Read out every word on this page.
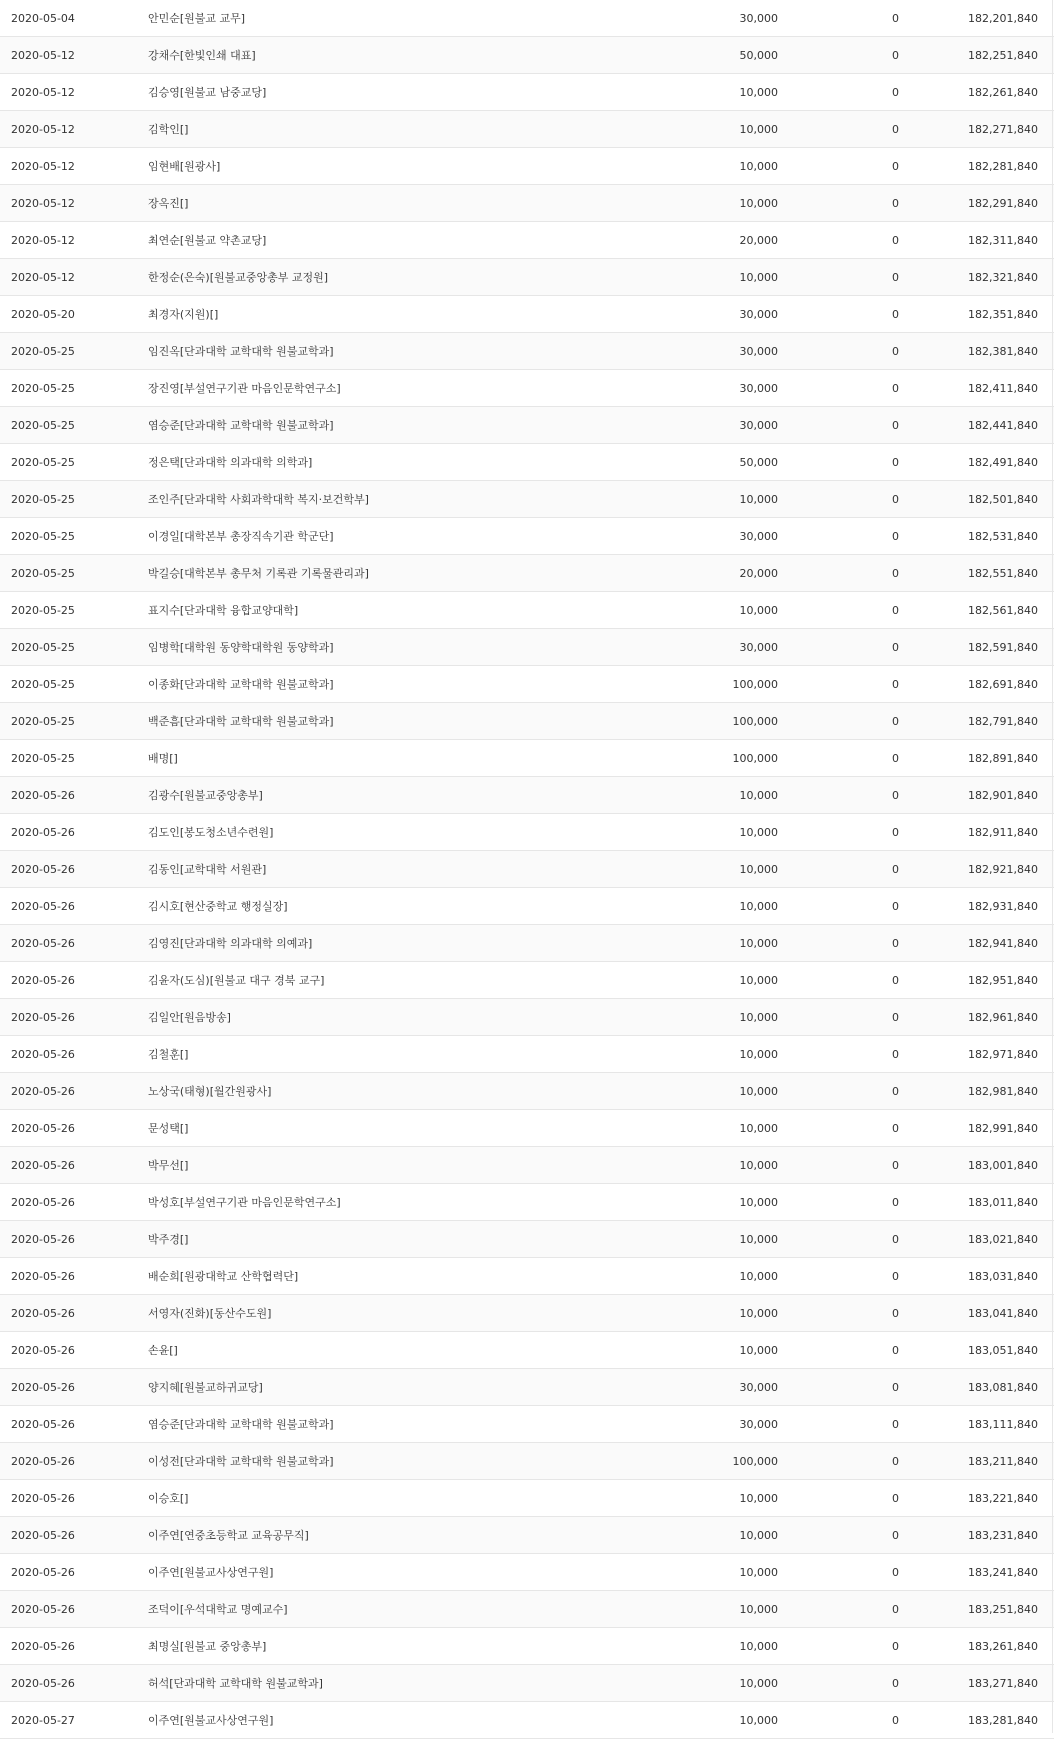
2020-05-04	안민순[원불교 교무]	30,000	0	182,201,840
2020-05-12	강채수[한빛인쇄 대표]	50,000	0	182,251,840
2020-05-12	김승영[원불교 남중교당]	10,000	0	182,261,840
2020-05-12	김학인[]	10,000	0	182,271,840
2020-05-12	임현배[원광사]	10,000	0	182,281,840
2020-05-12	장옥진[]	10,000	0	182,291,840
2020-05-12	최연순[원불교 약촌교당]	20,000	0	182,311,840
2020-05-12	한정순(은숙)[원불교중앙총부 교정원]	10,000	0	182,321,840
2020-05-20	최경자(지원)[]	30,000	0	182,351,840
2020-05-25	임진옥[단과대학 교학대학 원불교학과]	30,000	0	182,381,840
2020-05-25	장진영[부설연구기관 마음인문학연구소]	30,000	0	182,411,840
2020-05-25	염승준[단과대학 교학대학 원불교학과]	30,000	0	182,441,840
2020-05-25	정은택[단과대학 의과대학 의학과]	50,000	0	182,491,840
2020-05-25	조인주[단과대학 사회과학대학 복지·보건학부]	10,000	0	182,501,840
2020-05-25	이경일[대학본부 총장직속기관 학군단]	30,000	0	182,531,840
2020-05-25	박길승[대학본부 총무처 기록관 기록물관리과]	20,000	0	182,551,840
2020-05-25	표지수[단과대학 융합교양대학]	10,000	0	182,561,840
2020-05-25	임병학[대학원 동양학대학원 동양학과]	30,000	0	182,591,840
2020-05-25	이종화[단과대학 교학대학 원불교학과]	100,000	0	182,691,840
2020-05-25	백준흠[단과대학 교학대학 원불교학과]	100,000	0	182,791,840
2020-05-25	배명[]	100,000	0	182,891,840
2020-05-26	김광수[원불교중앙총부]	10,000	0	182,901,840
2020-05-26	김도인[봉도청소년수련원]	10,000	0	182,911,840
2020-05-26	김동인[교학대학 서원관]	10,000	0	182,921,840
2020-05-26	김시호[현산중학교 행정실장]	10,000	0	182,931,840
2020-05-26	김영진[단과대학 의과대학 의예과]	10,000	0	182,941,840
2020-05-26	김윤자(도심)[원불교 대구 경북 교구]	10,000	0	182,951,840
2020-05-26	김일안[원음방송]	10,000	0	182,961,840
2020-05-26	김철훈[]	10,000	0	182,971,840
2020-05-26	노상국(태형)[월간원광사]	10,000	0	182,981,840
2020-05-26	문성택[]	10,000	0	182,991,840
2020-05-26	박무선[]	10,000	0	183,001,840
2020-05-26	박성호[부설연구기관 마음인문학연구소]	10,000	0	183,011,840
2020-05-26	박주경[]	10,000	0	183,021,840
2020-05-26	배순희[원광대학교 산학협력단]	10,000	0	183,031,840
2020-05-26	서영자(진화)[동산수도원]	10,000	0	183,041,840
2020-05-26	손윤[]	10,000	0	183,051,840
2020-05-26	양지혜[원불교하귀교당]	30,000	0	183,081,840
2020-05-26	염승준[단과대학 교학대학 원불교학과]	30,000	0	183,111,840
2020-05-26	이성전[단과대학 교학대학 원불교학과]	100,000	0	183,211,840
2020-05-26	이승호[]	10,000	0	183,221,840
2020-05-26	이주연[연중초등학교 교육공무직]	10,000	0	183,231,840
2020-05-26	이주연[원불교사상연구원]	10,000	0	183,241,840
2020-05-26	조덕이[우석대학교 명예교수]	10,000	0	183,251,840
2020-05-26	최명실[원불교 중앙총부]	10,000	0	183,261,840
2020-05-26	허석[단과대학 교학대학 원불교학과]	10,000	0	183,271,840
2020-05-27	이주연[원불교사상연구원]	10,000	0	183,281,840
